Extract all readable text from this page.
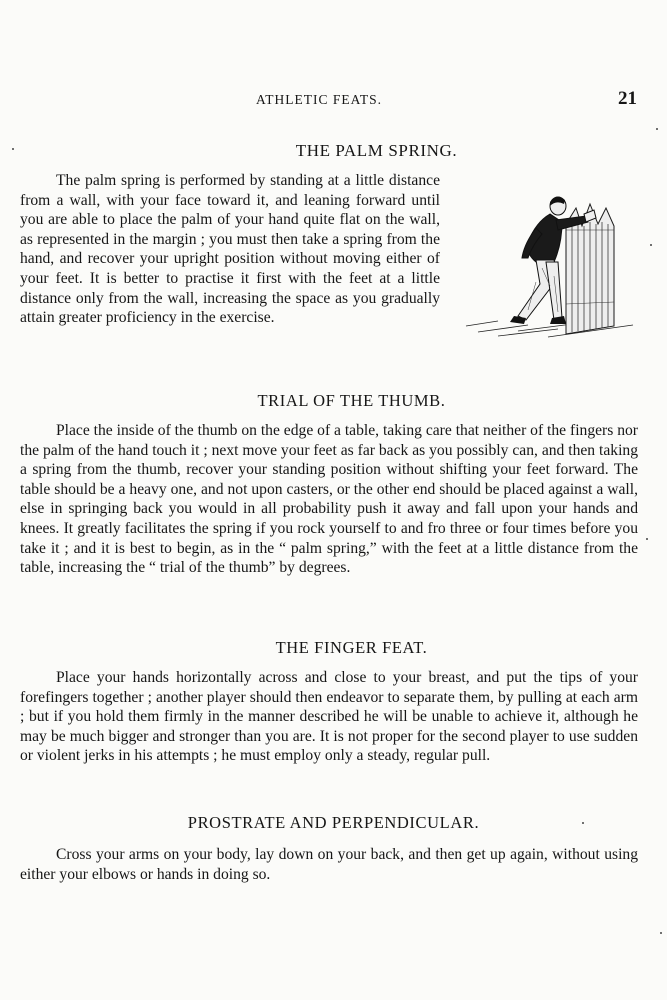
ATHLETIC FEATS.	21
THE PALM SPRING.
The palm spring is performed by standing at a little distance from a wall, with your face toward it, and leaning forward until you are able to place the palm of your hand quite flat on the wall, as represented in the margin ; you must then take a spring from the hand, and recover your upright position without moving either of your feet. It is better to practise it first with the feet at a little distance only from the wall, increasing the space as you gradually attain greater proficiency in the exercise.
TRIAL OF THE THUMB.
Place the inside of the thumb on the edge of a table, taking care that neither of the fingers nor the palm of the hand touch it ; next move your feet as far back as you possibly can, and then taking a spring from the thumb, recover your standing position without shifting your feet forward. The table should be a heavy one, and not upon casters, or the other end should be placed against a wall, else in springing back you would in all probability push it away and fall upon your hands and knees. It greatly facilitates the spring if you rock yourself to and fro three or four times before you take it ; and it is best to begin, as in the “ palm spring,” with the feet at a little distance from the table, increasing the “ trial of the thumb” by degrees.
THE FINGER FEAT.
Place your hands horizontally across and close to your breast, and put the tips of your forefingers together ; another player should then endeavor to separate them, by pulling at each arm ; but if you hold them firmly in the manner described he will be unable to achieve it, although he may be much bigger and stronger than you are. It is not proper for the second player to use sudden or violent jerks in his attempts ; he must employ only a steady, regular pull.
PROSTRATE AND PERPENDICULAR.
Cross your arms on your body, lay down on your back, and then get up again, without using either your elbows or hands in doing so.
